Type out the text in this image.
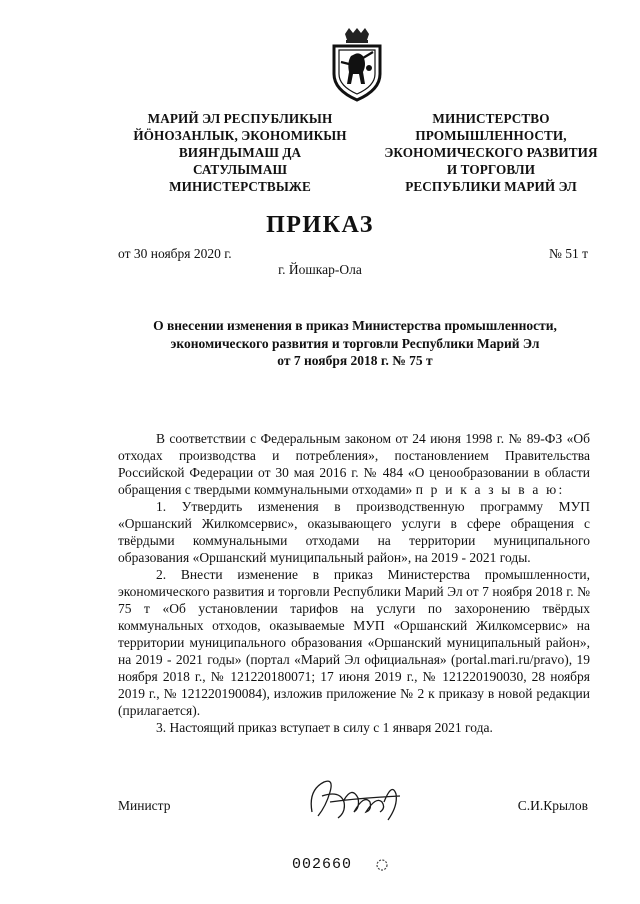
МАРИЙ ЭЛ РЕСПУБЛИКЫН
ЙÖНОЗАНЛЫК, ЭКОНОМИКЫН
ВИЯҤДЫМАШ ДА
САТУЛЫМАШ
МИНИСТЕРСТВЫЖЕ
МИНИСТЕРСТВО
ПРОМЫШЛЕННОСТИ,
ЭКОНОМИЧЕСКОГО РАЗВИТИЯ
И ТОРГОВЛИ
РЕСПУБЛИКИ МАРИЙ ЭЛ
ПРИКАЗ
от 30 ноября 2020 г.	№ 51 т
г. Йошкар-Ола
О внесении изменения в приказ Министерства промышленности,
экономического развития и торговли Республики Марий Эл
от 7 ноября 2018 г. № 75 т

В соответствии с Федеральным законом от 24 июня 1998 г. № 89-ФЗ «Об отходах производства и потребления», постановлением Правительства Российской Федерации от 30 мая 2016 г. № 484 «О ценообразовании в области обращения с твердыми коммунальными отходами» п р и к а з ы в а ю:

1. Утвердить изменения в производственную программу МУП «Оршанский Жилкомсервис», оказывающего услуги в сфере обращения с твёрдыми коммунальными отходами на территории муниципального образования «Оршанский муниципальный район», на 2019 - 2021 годы.

2. Внести изменение в приказ Министерства промышленности, экономического развития и торговли Республики Марий Эл от 7 ноября 2018 г. № 75 т «Об установлении тарифов на услуги по захоронению твёрдых коммунальных отходов, оказываемые МУП «Оршанский Жилкомсервис» на территории муниципального образования «Оршанский муниципальный район», на 2019 - 2021 годы» (портал «Марий Эл официальная» (portal.mari.ru/pravo), 19 ноября 2018 г., № 121220180071; 17 июня 2019 г., № 121220190030, 28 ноября 2019 г., № 121220190084), изложив приложение № 2 к приказу в новой редакции (прилагается).

3. Настоящий приказ вступает в силу с 1 января 2021 года.

Министр	С.И.Крылов
002660
